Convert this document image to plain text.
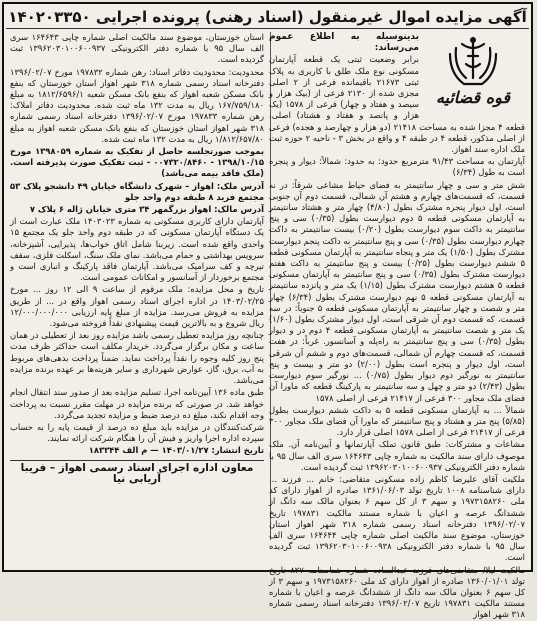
آگهی مزایده اموال غیرمنقول (اسناد رهنی) پرونده اجرایی ۱۴۰۲۰۳۳۵۰
قوه قضائیه
بدینوسیله به اطلاع عموم می‌رساند:
برابر وضعیت ثبتی یک قطعه آپارتمان مسکونی نوع ملک طلق با کاربری به پلاک ثبتی ۲۱۶۷۳ باقیمانده فرعی از ۲ اصلی مجزی شده از ۲۱۳۰ فرعی از (بیک هزار و سیصد و هفتاد و چهار) فرعی از ۱۵۷۸ (یک هزار و پانصد و هفتاد و هشتاد) اصلی، قطعه ۴ مجزا شده به مساحت ۲۱۴۱۸ (دو هزار و چهارصد و هجده) فرعی از اصلی مذکور، قطعه ۴ در طبقه ۴ و واقع در بخش ۳ - ناحیه ۲ حوزه ثبت ملک اداره سند اهواز.
آپارتمان به مساحت ۹۱/۴۳ مترمربع حدود: به حدود: شمالاً: دیوار و پنجره است به طول (۶/۳۴)
شش متر و سی و چهار سانتیمتر به فضای حیاط مشاعی شرقاً: در نه قسمت، که قسمت‌های چهارم و هشتم آن شمالی، قسمت دوم آن جنوبی است، اول دیوار پنجره مشترک بطول (۴/۸۰) چهار متر و هشتاد سانتیمتر به آپارتمان مسکونی قطعه ۵ دوم دیوارست بطول (۰/۳۵) سی و پنج سانتیمتر به داکت سوم دیوارست بطول (۰/۲۰) بیست سانتیمتر به داکت چهارم دیوارست بطول (۰/۳۵) سی و پنج سانتیمتر به داکت پنجم دیوارست مشترک بطول (۱/۵۰) یک متر و پنجاه سانتیمتر به آپارتمان مسکونی قطعه ۵ ششم دیوارست بطول (۰/۲۵) بیست و پنج سانتیمتر به داکت هفتم دیوارست مشترک بطول (۰/۳۵) سی و پنج سانتیمتر به آپارتمان مسکونی قطعه ۵ هشتم دیوارست مشترک بطول (۱/۱۵) یک متر و پانزده سانتیمتر به آپارتمان مسکونی قطعه ۵ نهم دیوارست مشترک بطول (۶/۳۴) چهار متر و شصت و چهار سانتیمتر به آپارتمان مسکونی قطعه ۵ جنوباً: در سه قسمت، که قسمت دوم آن شرقی است، اول دیوار مشترک بطول (۱/۶۰) یک متر و شصت سانتیمتر به آپارتمان مسکونی قطعه ۴ دوم در و دیوار بطول (۰/۳۵) سی و پنج سانتیمتر به راه‌پله و آسانسور. غرباً: در هفت قسمت، که قسمت چهارم آن شمالی، قسمت‌های دوم و ششم آن شرقی است، اول دیوار و پنجره است بطول (۲/۰۰) دو متر و بیست و پنج سانتیمتر به نورگیر دوم دیوار بطول (۰/۷۵) ... نورگیر سوم دیوارست بطول (۲/۴۳) دو متر و چهل و سه سانتیمتر به پارکینگ قطعه که ماورا آن فضای ملک مجاور ۳۰۰ فرعی از ۲۱۴۱۷ فرعی از اصلی ۱۵۷۸
شمالاً ... به آپارتمان مسکونی قطعه ۵ به داکت ششم دیوارست بطول (۵/۸۵) پنج متر و هشتاد و پنج سانتیمتر که ماورا آن فضای ملک مجاور ۳۰۰ فرعی از ۲۱۴۱۷ فرعی از اصلی ۱۵۷۸ اصلی قرار دارد.
مشاعات و مشترکات: طبق قانون تملک آپارتمانها و آیین‌نامه آن. ملک موصوف دارای سند مالکیت به شماره چاپی ۱۶۴۶۴۳ سری الف سال ۹۵ با شماره دفتر الکترونیکی ۱۳۹۶۲۰۳۰۱۰۰۶۰۰۹۳۷ ثبت گردیده است.
ملکیت آقای علیرضا کاظم زاده مسکونی متقاضی: خانم ... فرزند ... دارای شناسنامه ۱۰۰۸ تاریخ تولد ۱۳۶۱/۰۶/۰۳ صادره از اهواز دارای کد ملی ۱۹۷۳۱۵۸۲۶۰ و سهم ۳ از کل سهم ۶ بعنوان مالک سه دانگ از ششدانگ عرصه و اعیان با شماره مستند مالکیت ۱۹۷۸۳۱ تاریخ ۱۳۹۶/۰۲/۰۷ دفترخانه اسناد رسمی شماره ۳۱۸ شهر اهواز استان خوزستان، موضوع سند مالکیت اصلی شماره چاپی ۱۶۴۶۴۴ سری الف سال ۹۵ با شماره دفتر الکترونیکی ۱۳۹۶۲۰۳۰۱۰۰۶۰۰۹۳۸ ثبت گردیده است.
مالکیت لیلا/ متقاضی‌های فرزند عبدالساده شماره شناسنامه ۸۲۷ تاریخ تولد ۱۳۶۰/۰۱/۰۱ صادره از اهواز دارای کد ملی ۱۹۷۳۱۵۸۲۶۰ و سهم ۳ از کل سهم ۶ بعنوان مالک سه دانگ از ششدانگ عرصه و اعیان با شماره مستند مالکیت ۱۹۷۸۳۱ تاریخ ۱۳۹۶/۰۲/۰۷ دفترخانه اسناد رسمی شماره ۳۱۸ شهر اهواز
استان خوزستان، موضوع سند مالکیت اصلی شماره چاپی ۱۶۴۶۴۳ سری الف سال ۹۵ با شماره دفتر الکترونیکی ۱۳۹۶۲۰۳۰۱۰۰۶۰۰۹۳۷ ثبت گردیده است.
محدودیت: محدودیت دفاتر اسناد: رهن شماره ۱۹۷۸۳۲ مورخ ۱۳۹۶/۰۲/۰۷ دفترخانه اسناد رسمی شماره ۳۱۸ شهر اهواز استان خوزستان که بنفع بانک مسکن شعبه اهواز که بنفع بانک مسکن شعبه ۱۸۱۲/۶۵۹۶/۱ به مبلغ ۱۶۷/۷۵۹/۱۸۰ ریال به مدت ۱۳۲ ماه ثبت شده. محدودیت دفاتر املاک: رهن شماره ۱۹۷۸۳۳ مورخ ۱۳۹۶/۰۲/۰۷ دفترخانه اسناد رسمی شماره ۳۱۸ شهر اهواز استان خوزستان که بنفع بانک مسکن شعبه اهواز به مبلغ ۱/۸۱۲/۶۵۷/۸۰ ریال به مدت ۱۳۲ ماه ثبت شده.
بموجب صورتجلسه حاصل از تفکیک به شماره ۱۳۹۸۰۵۹ مورخ ۱۳۹۸/۱۰/۱۵ - ۰۰۷۳۲۰/۸۴۶۰ - ثبت تفکیک صورت پذیرفته است. (ملک فاقد بیمه می‌باشد)
آدرس ملک: اهواز – شهرک دانشگاه خیابان ۴۹ دانشجو پلاک ۵۳ مجتمع فرید ۸ طبقه دوم واحد جلو
آدرس مالک: اهواز بزرگمهر ۳۴ متری خیابان ژاله ۶ پلاک ۷
آپارتمان دارای کاربری مسکونی به شماره ۱۴۰۳۰۲۳ ملک عبارت است از یک دستگاه آپارتمان مسکونی که در طبقه دوم واحد جلو یک مجتمع ۱۵ واحدی واقع شده است. زیربنا شامل اتاق خواب‌ها، پذیرایی، آشپزخانه، سرویس بهداشتی و حمام می‌باشد. نمای ملک سنگ، اسکلت فلزی، سقف تیرچه و کف سرامیک می‌باشد. آپارتمان فاقد پارکینگ و انباری است و مجتمع برخوردار از آسانسور و امکانات عمومی است.
تاریخ و محل مزایده: ملک مرقوم از ساعت ۹ الی ۱۲ روز ... مورخ ۱۴۰۳/۰۲/۲۵ در اداره اجرای اسناد رسمی اهواز واقع در ... از طریق مزایده به فروش می‌رسد. مزایده از مبلغ پایه ارزیابی ۱۲/۰۰۰/۰۰۰/۰۰۰ ریال شروع و به بالاترین قیمت پیشنهادی نقداً فروخته می‌شود.
چنانچه روز مزایده تعطیل رسمی باشد مزایده روز بعد از تعطیلی در همان ساعت و مکان برگزار می‌گردد. خریدار مکلف است حداکثر ظرف مدت پنج روز کلیه وجوه را نقداً پرداخت نماید. ضمناً پرداخت بدهی‌های مربوط به آب، برق، گاز، عوارض شهرداری و سایر هزینه‌ها بر عهده برنده مزایده می‌باشد.
طبق ماده ۱۳۶ آیین‌نامه اجرا، تسلیم مزایده بعد از صدور سند انتقال انجام خواهد شد. در صورتی که برنده مزایده در مهلت مقرر نسبت به پرداخت وجه اقدام نکند، مبلغ ده درصد ضبط و مزایده تجدید می‌گردد.
شرکت‌کنندگان در مزایده باید مبلغ ده درصد از قیمت پایه را به حساب سپرده اداره اجرا واریز و فیش آن را هنگام شرکت ارائه نمایند.
تاریخ انتشار: ۱۴۰۳/۰۱/۲۷ — م الف ۱۸۳۳۴۴
معاون اداره اجرای اسناد رسمی اهواز – فریبا آریابی نیا
